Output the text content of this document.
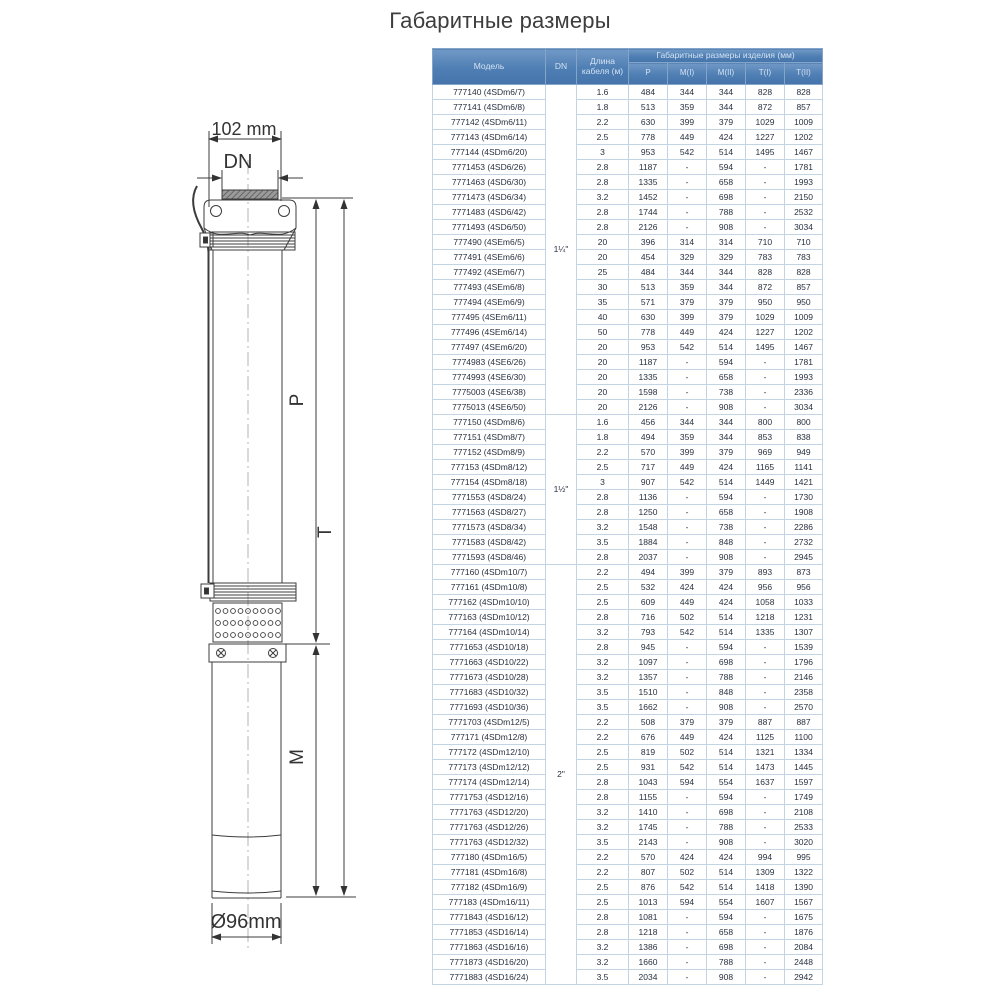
Габаритные размеры
102 mm
DN
P
T
M
Ø96mm
Модель	DN	Длина кабеля (м)	Габаритные размеры изделия (мм)				
			P	M(I)	M(II)	T(I)	T(II)
777140 (4SDm6/7)	1¼"	1.6	484	344	344	828	828
777141 (4SDm6/8)		1.8	513	359	344	872	857
777142 (4SDm6/11)		2.2	630	399	379	1029	1009
777143 (4SDm6/14)		2.5	778	449	424	1227	1202
777144 (4SDm6/20)		3	953	542	514	1495	1467
7771453 (4SD6/26)		2.8	1187	-	594	-	1781
7771463 (4SD6/30)		2.8	1335	-	658	-	1993
7771473 (4SD6/34)		3.2	1452	-	698	-	2150
7771483 (4SD6/42)		2.8	1744	-	788	-	2532
7771493 (4SD6/50)		2.8	2126	-	908	-	3034
777490 (4SEm6/5)		20	396	314	314	710	710
777491 (4SEm6/6)		20	454	329	329	783	783
777492 (4SEm6/7)		25	484	344	344	828	828
777493 (4SEm6/8)		30	513	359	344	872	857
777494 (4SEm6/9)		35	571	379	379	950	950
777495 (4SEm6/11)		40	630	399	379	1029	1009
777496 (4SEm6/14)		50	778	449	424	1227	1202
777497 (4SEm6/20)		20	953	542	514	1495	1467
7774983 (4SE6/26)		20	1187	-	594	-	1781
7774993 (4SE6/30)		20	1335	-	658	-	1993
7775003 (4SE6/38)		20	1598	-	738	-	2336
7775013 (4SE6/50)		20	2126	-	908	-	3034
777150 (4SDm8/6)	1½"	1.6	456	344	344	800	800
777151 (4SDm8/7)		1.8	494	359	344	853	838
777152 (4SDm8/9)		2.2	570	399	379	969	949
777153 (4SDm8/12)		2.5	717	449	424	1165	1141
777154 (4SDm8/18)		3	907	542	514	1449	1421
7771553 (4SD8/24)		2.8	1136	-	594	-	1730
7771563 (4SD8/27)		2.8	1250	-	658	-	1908
7771573 (4SD8/34)		3.2	1548	-	738	-	2286
7771583 (4SD8/42)		3.5	1884	-	848	-	2732
7771593 (4SD8/46)		2.8	2037	-	908	-	2945
777160 (4SDm10/7)	2"	2.2	494	399	379	893	873
777161 (4SDm10/8)		2.5	532	424	424	956	956
777162 (4SDm10/10)		2.5	609	449	424	1058	1033
777163 (4SDm10/12)		2.8	716	502	514	1218	1231
777164 (4SDm10/14)		3.2	793	542	514	1335	1307
7771653 (4SD10/18)		2.8	945	-	594	-	1539
7771663 (4SD10/22)		3.2	1097	-	698	-	1796
7771673 (4SD10/28)		3.2	1357	-	788	-	2146
7771683 (4SD10/32)		3.5	1510	-	848	-	2358
7771693 (4SD10/36)		3.5	1662	-	908	-	2570
7771703 (4SDm12/5)		2.2	508	379	379	887	887
777171 (4SDm12/8)		2.2	676	449	424	1125	1100
777172 (4SDm12/10)		2.5	819	502	514	1321	1334
777173 (4SDm12/12)		2.5	931	542	514	1473	1445
777174 (4SDm12/14)		2.8	1043	594	554	1637	1597
7771753 (4SD12/16)		2.8	1155	-	594	-	1749
7771763 (4SD12/20)		3.2	1410	-	698	-	2108
7771763 (4SD12/26)		3.2	1745	-	788	-	2533
7771763 (4SD12/32)		3.5	2143	-	908	-	3020
777180 (4SDm16/5)		2.2	570	424	424	994	995
777181 (4SDm16/8)		2.2	807	502	514	1309	1322
777182 (4SDm16/9)		2.5	876	542	514	1418	1390
777183 (4SDm16/11)		2.5	1013	594	554	1607	1567
7771843 (4SD16/12)		2.8	1081	-	594	-	1675
7771853 (4SD16/14)		2.8	1218	-	658	-	1876
7771863 (4SD16/16)		3.2	1386	-	698	-	2084
7771873 (4SD16/20)		3.2	1660	-	788	-	2448
7771883 (4SD16/24)		3.5	2034	-	908	-	2942
